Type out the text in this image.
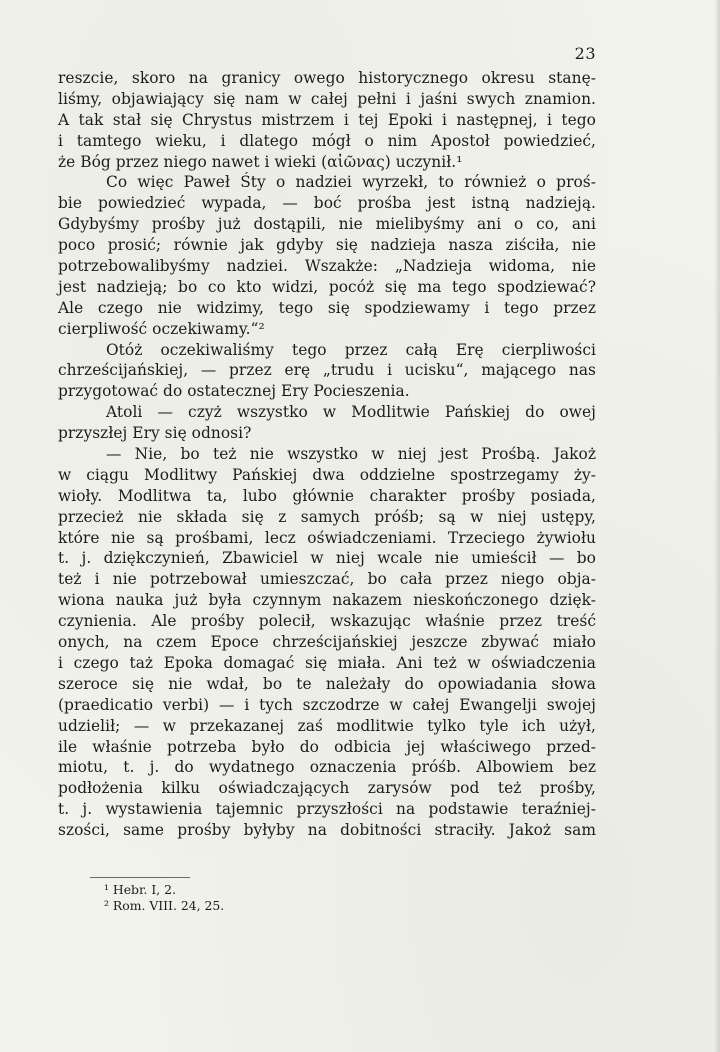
23
reszcie, skoro na granicy owego historycznego okresu stanę-
liśmy, objawiający się nam w całej pełni i jaśni swych znamion.
A tak stał się Chrystus mistrzem i tej Epoki i następnej, i tego
i tamtego wieku, i dlatego mógł o nim Apostoł powiedzieć,
że Bóg przez niego nawet i wieki (αἰῶνας) uczynił.¹
Co więc Paweł Śty o nadziei wyrzekł, to również o proś-
bie powiedzieć wypada, — boć prośba jest istną nadzieją.
Gdybyśmy prośby już dostąpili, nie mielibyśmy ani o co, ani
poco prosić; równie jak gdyby się nadzieja nasza ziściła, nie
potrzebowalibyśmy nadziei. Wszakże: „Nadzieja widoma, nie
jest nadzieją; bo co kto widzi, pocóż się ma tego spodziewać?
Ale czego nie widzimy, tego się spodziewamy i tego przez
cierpliwość oczekiwamy.“²
Otóż oczekiwaliśmy tego przez całą Erę cierpliwości
chrześcijańskiej, — przez erę „trudu i ucisku“, mającego nas
przygotować do ostatecznej Ery Pocieszenia.
Atoli — czyż wszystko w Modlitwie Pańskiej do owej
przyszłej Ery się odnosi?
— Nie, bo też nie wszystko w niej jest Prośbą. Jakoż
w ciągu Modlitwy Pańskiej dwa oddzielne spostrzegamy ży-
wioły. Modlitwa ta, lubo głównie charakter prośby posiada,
przecież nie składa się z samych próśb; są w niej ustępy,
które nie są prośbami, lecz oświadczeniami. Trzeciego żywiołu
t. j. dziękczynień, Zbawiciel w niej wcale nie umieścił — bo
też i nie potrzebował umieszczać, bo cała przez niego obja-
wiona nauka już była czynnym nakazem nieskończonego dzięk-
czynienia. Ale prośby polecił, wskazując właśnie przez treść
onych, na czem Epoce chrześcijańskiej jeszcze zbywać miało
i czego taż Epoka domagać się miała. Ani też w oświadczenia
szeroce się nie wdał, bo te należały do opowiadania słowa
(praedicatio verbi) — i tych szczodrze w całej Ewangelji swojej
udzielił; — w przekazanej zaś modlitwie tylko tyle ich użył,
ile właśnie potrzeba było do odbicia jej właściwego przed-
miotu, t. j. do wydatnego oznaczenia próśb. Albowiem bez
podłożenia kilku oświadczających zarysów pod też prośby,
t. j. wystawienia tajemnic przyszłości na podstawie teraźniej-
szości, same prośby byłyby na dobitności straciły. Jakoż sam
¹ Hebr. I, 2.
² Rom. VIII. 24, 25.
